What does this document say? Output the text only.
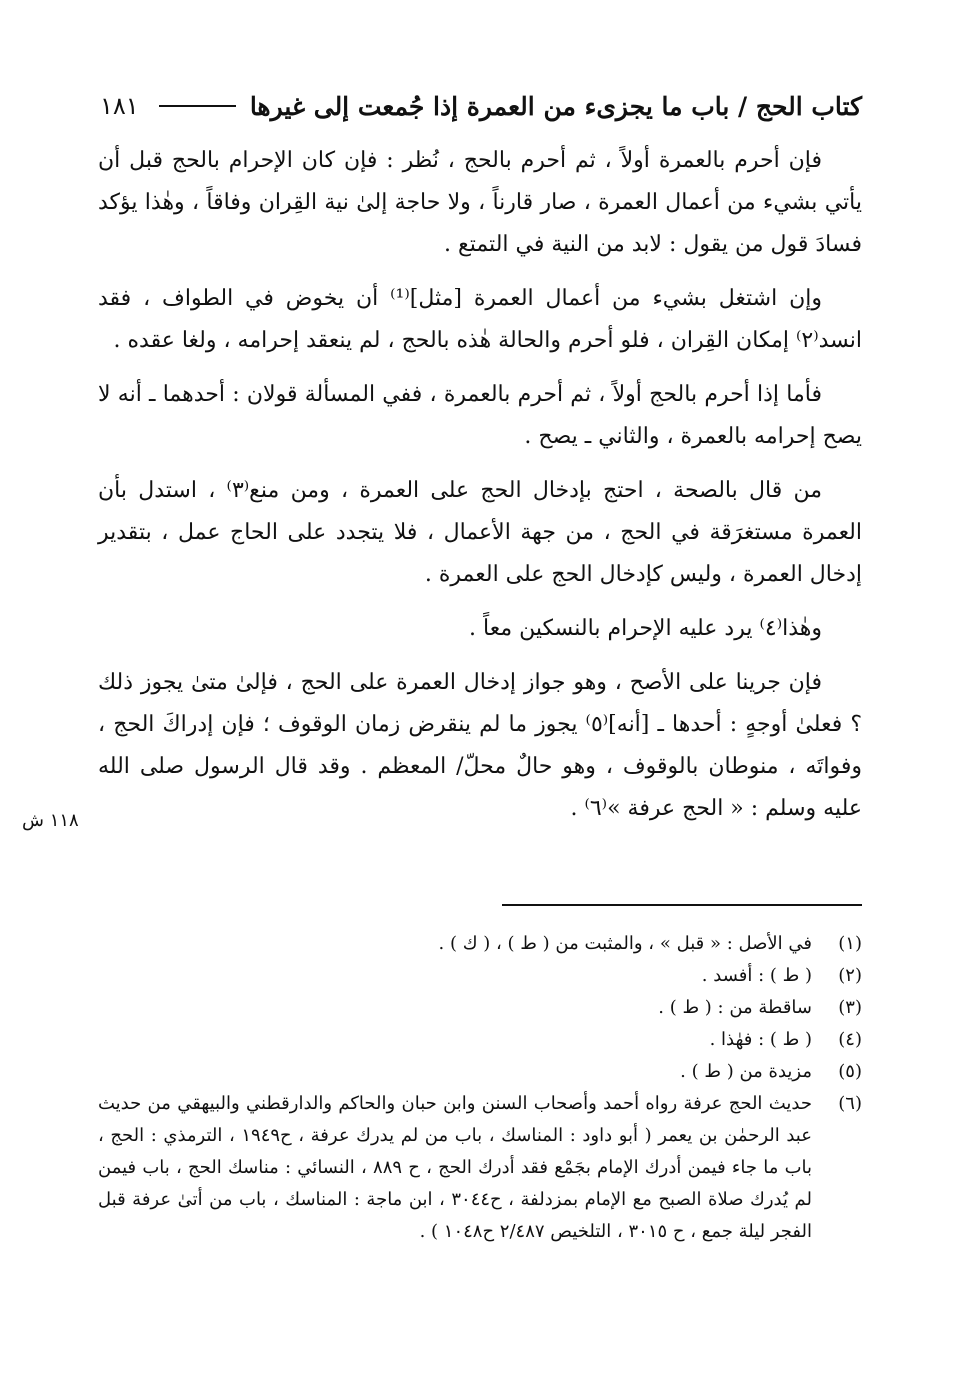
كتاب الحج / باب ما يجزىء من العمرة إذا جُمعت إلى غيرها
١٨١

فإن أحرم بالعمرة أولاً ، ثم أحرم بالحج ، نُظر : فإن كان الإحرام بالحج قبل أن يأتي بشيء من أعمال العمرة ، صار قارناً ، ولا حاجة إلىٰ نية القِران وفاقاً ، وهٰذا يؤكد فسادَ قول من يقول : لابد من النية في التمتع .

وإن اشتغل بشيء من أعمال العمرة [مثل]⁽¹⁾ أن يخوض في الطواف ، فقد انسد⁽٢⁾ إمكان القِران ، فلو أحرم والحالة هٰذه بالحج ، لم ينعقد إحرامه ، ولغا عقده .

فأما إذا أحرم بالحج أولاً ، ثم أحرم بالعمرة ، ففي المسألة قولان : أحدهما ـ أنه لا يصح إحرامه بالعمرة ، والثاني ـ يصح .

من قال بالصحة ، احتج بإدخال الحج على العمرة ، ومن منع⁽٣⁾ ، استدل بأن العمرة مستغرَقة في الحج ، من جهة الأعمال ، فلا يتجدد على الحاج عمل ، بتقدير إدخال العمرة ، وليس كإدخال الحج على العمرة .

وهٰذا⁽٤⁾ يرد عليه الإحرام بالنسكين معاً .

فإن جرينا على الأصح ، وهو جواز إدخال العمرة على الحج ، فإلىٰ متىٰ يجوز ذلك ؟ فعلىٰ أوجهٍ : أحدها ـ [أنه]⁽٥⁾ يجوز ما لم ينقرض زمان الوقوف ؛ فإن إدراكَ الحج ، وفواتَه ، منوطان بالوقوف ، وهو حالٌ محلّ/ المعظم . وقد قال الرسول صلى الله عليه وسلم : « الحج عرفة »⁽٦⁾ .

١١٨ ش
(١)
في الأصل : « قبل » ، والمثبت من ( ط ) ، ( ك ) .
(٢)
( ط ) : أفسد .
(٣)
ساقطة من : ( ط ) .
(٤)
( ط ) : فهٰذا .
(٥)
مزيدة من ( ط ) .
(٦)
حديث الحج عرفة رواه أحمد وأصحاب السنن وابن حبان والحاكم والدارقطني والبيهقي من حديث عبد الرحمٰن بن يعمر ( أبو داود : المناسك ، باب من لم يدرك عرفة ، ح١٩٤٩ ، الترمذي : الحج ، باب ما جاء فيمن أدرك الإمام بجَمْع فقد أدرك الحج ، ح ٨٨٩ ، النسائي : مناسك الحج ، باب فيمن لم يُدرك صلاة الصبح مع الإمام بمزدلفة ، ح٣٠٤٤ ، ابن ماجة : المناسك ، باب من أتىٰ عرفة قبل الفجر ليلة جمع ، ح ٣٠١٥ ، التلخيص ٢/٤٨٧ ح١٠٤٨ ) .
